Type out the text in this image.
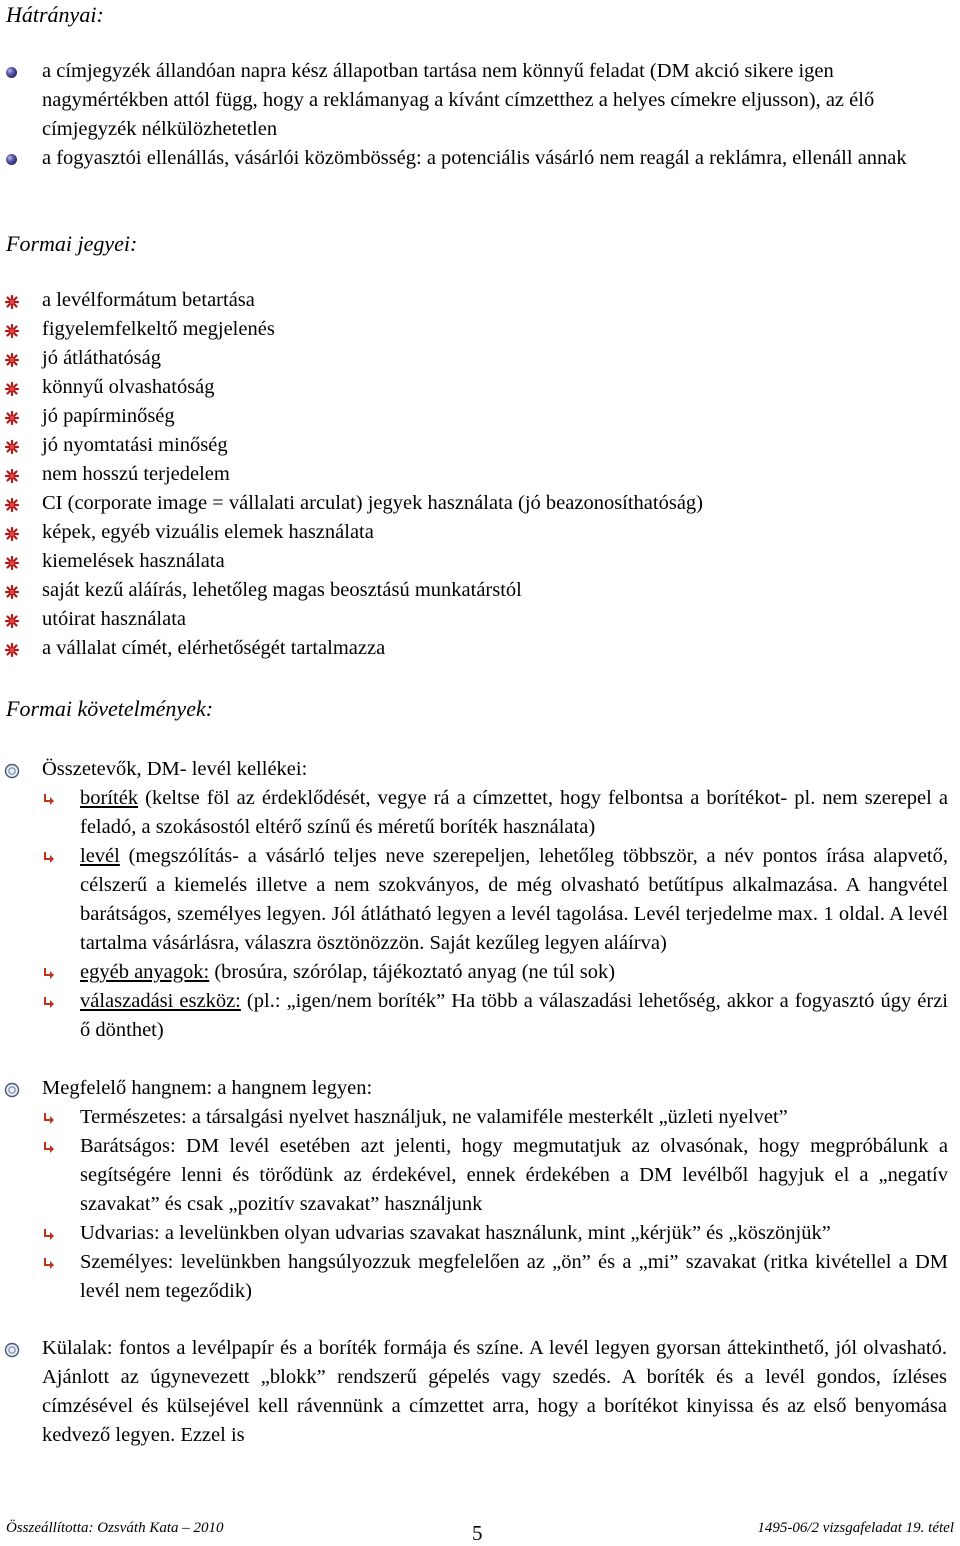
Hátrányai:
a címjegyzék állandóan napra kész állapotban tartása nem könnyű feladat (DM akció sikere igen nagymértékben attól függ, hogy a reklámanyag a kívánt címzetthez a helyes címekre eljusson), az élő címjegyzék nélkülözhetetlen
a fogyasztói ellenállás, vásárlói közömbösség: a potenciális vásárló nem reagál a reklámra, ellenáll annak
Formai jegyei:
a levélformátum betartása
figyelemfelkeltő megjelenés
jó átláthatóság
könnyű olvashatóság
jó papírminőség
jó nyomtatási minőség
nem hosszú terjedelem
CI (corporate image = vállalati arculat) jegyek használata (jó beazonosíthatóság)
képek, egyéb vizuális elemek használata
kiemelések használata
saját kezű aláírás, lehetőleg magas beosztású munkatárstól
utóirat használata
a vállalat címét, elérhetőségét tartalmazza
Formai követelmények:
Összetevők, DM- levél kellékei:
boríték (keltse föl az érdeklődését, vegye rá a címzettet, hogy felbontsa a borítékot- pl. nem szerepel a feladó, a szokásostól eltérő színű és méretű boríték használata)
levél (megszólítás- a vásárló teljes neve szerepeljen, lehetőleg többször, a név pontos írása alapvető, célszerű a kiemelés illetve a nem szokványos, de még olvasható betűtípus alkalmazása. A hangvétel barátságos, személyes legyen. Jól átlátható legyen a levél tagolása. Levél terjedelme max. 1 oldal. A levél tartalma vásárlásra, válaszra ösztönözzön. Saját kezűleg legyen aláírva)
egyéb anyagok: (brosúra, szórólap, tájékoztató anyag (ne túl sok)
válaszadási eszköz: (pl.: „igen/nem boríték” Ha több a válaszadási lehetőség, akkor a fogyasztó úgy érzi ő dönthet)
Megfelelő hangnem: a hangnem legyen:
Természetes: a társalgási nyelvet használjuk, ne valamiféle mesterkélt „üzleti nyelvet”
Barátságos: DM levél esetében azt jelenti, hogy megmutatjuk az olvasónak, hogy megpróbálunk a segítségére lenni és törődünk az érdekével, ennek érdekében a DM levélből hagyjuk el a „negatív szavakat” és csak „pozitív szavakat” használjunk
Udvarias: a levelünkben olyan udvarias szavakat használunk, mint „kérjük” és „köszönjük”
Személyes: levelünkben hangsúlyozzuk megfelelően az „ön” és a „mi” szavakat (ritka kivétellel a DM levél nem tegeződik)
Külalak: fontos a levélpapír és a boríték formája és színe. A levél legyen gyorsan áttekinthető, jól olvasható. Ajánlott az úgynevezett „blokk” rendszerű gépelés vagy szedés. A boríték és a levél gondos, ízléses címzésével és külsejével kell rávennünk a címzettet arra, hogy a borítékot kinyissa és az első benyomása kedvező legyen. Ezzel is
Összeállította: Ozsváth Kata – 2010	5	1495-06/2 vizsgafeladat 19. tétel
